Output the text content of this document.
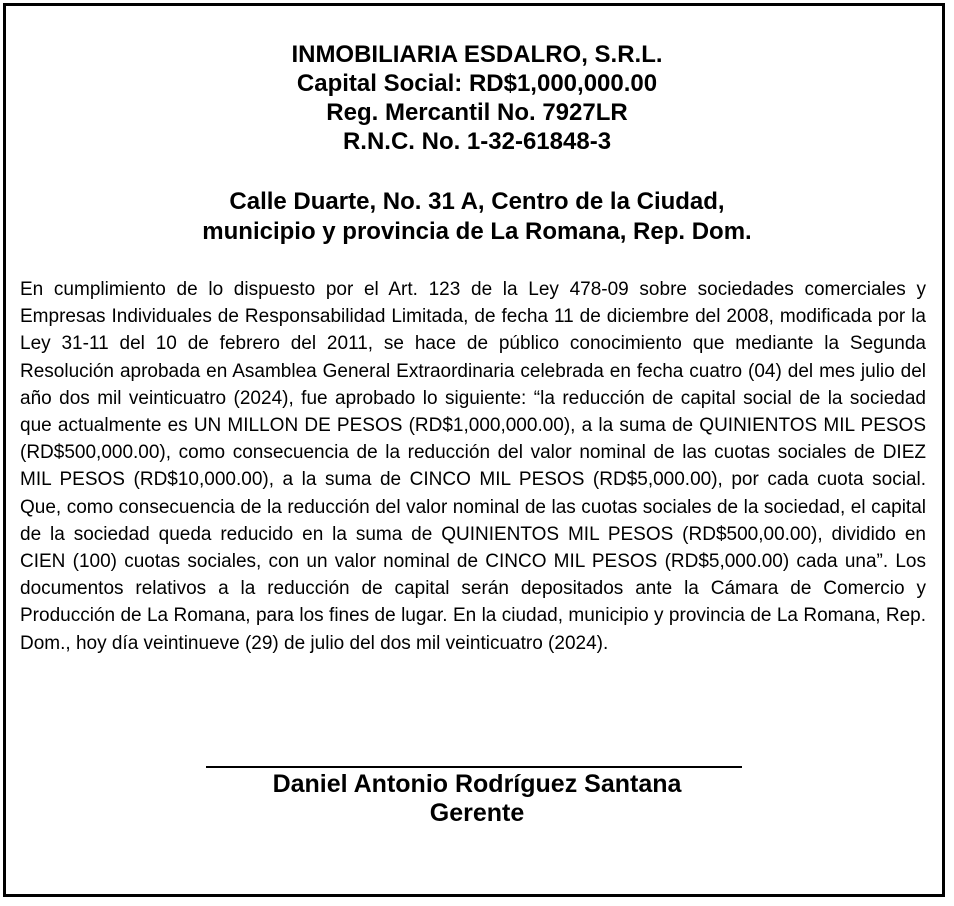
INMOBILIARIA ESDALRO, S.R.L.
Capital Social: RD$1,000,000.00
Reg. Mercantil No. 7927LR
R.N.C. No. 1-32-61848-3
Calle Duarte, No. 31 A, Centro de la Ciudad,
municipio y provincia de La Romana, Rep. Dom.
En cumplimiento de lo dispuesto por el Art. 123 de la Ley 478-09 sobre sociedades comerciales y Empresas Individuales de Responsabilidad Limitada, de fecha 11 de diciembre del 2008, modificada por la Ley 31-11 del 10 de febrero del 2011, se hace de público conocimiento que mediante la Segunda Resolución aprobada en Asamblea General Extraordinaria celebrada en fecha cuatro (04) del mes julio del año dos mil veinticuatro (2024), fue aprobado lo siguiente: “la reducción de capital social de la sociedad que actualmente es UN MILLON DE PESOS (RD$1,000,000.00), a la suma de QUINIENTOS MIL PESOS (RD$500,000.00), como consecuencia de la reducción del valor nominal de las cuotas sociales de DIEZ MIL PESOS (RD$10,000.00), a la suma de CINCO MIL PESOS (RD$5,000.00), por cada cuota social. Que, como consecuencia de la reducción del valor nominal de las cuotas sociales de la sociedad, el capital de la sociedad queda reducido en la suma de QUINIENTOS MIL PESOS (RD$500,00.00), dividido en CIEN (100) cuotas sociales, con un valor nominal de CINCO MIL PESOS (RD$5,000.00) cada una”. Los documentos relativos a la reducción de capital serán depositados ante la Cámara de Comercio y Producción de La Romana, para los fines de lugar. En la ciudad, municipio y provincia de La Romana, Rep. Dom., hoy día veintinueve (29) de julio del dos mil veinticuatro (2024).
Daniel Antonio Rodríguez Santana
Gerente
